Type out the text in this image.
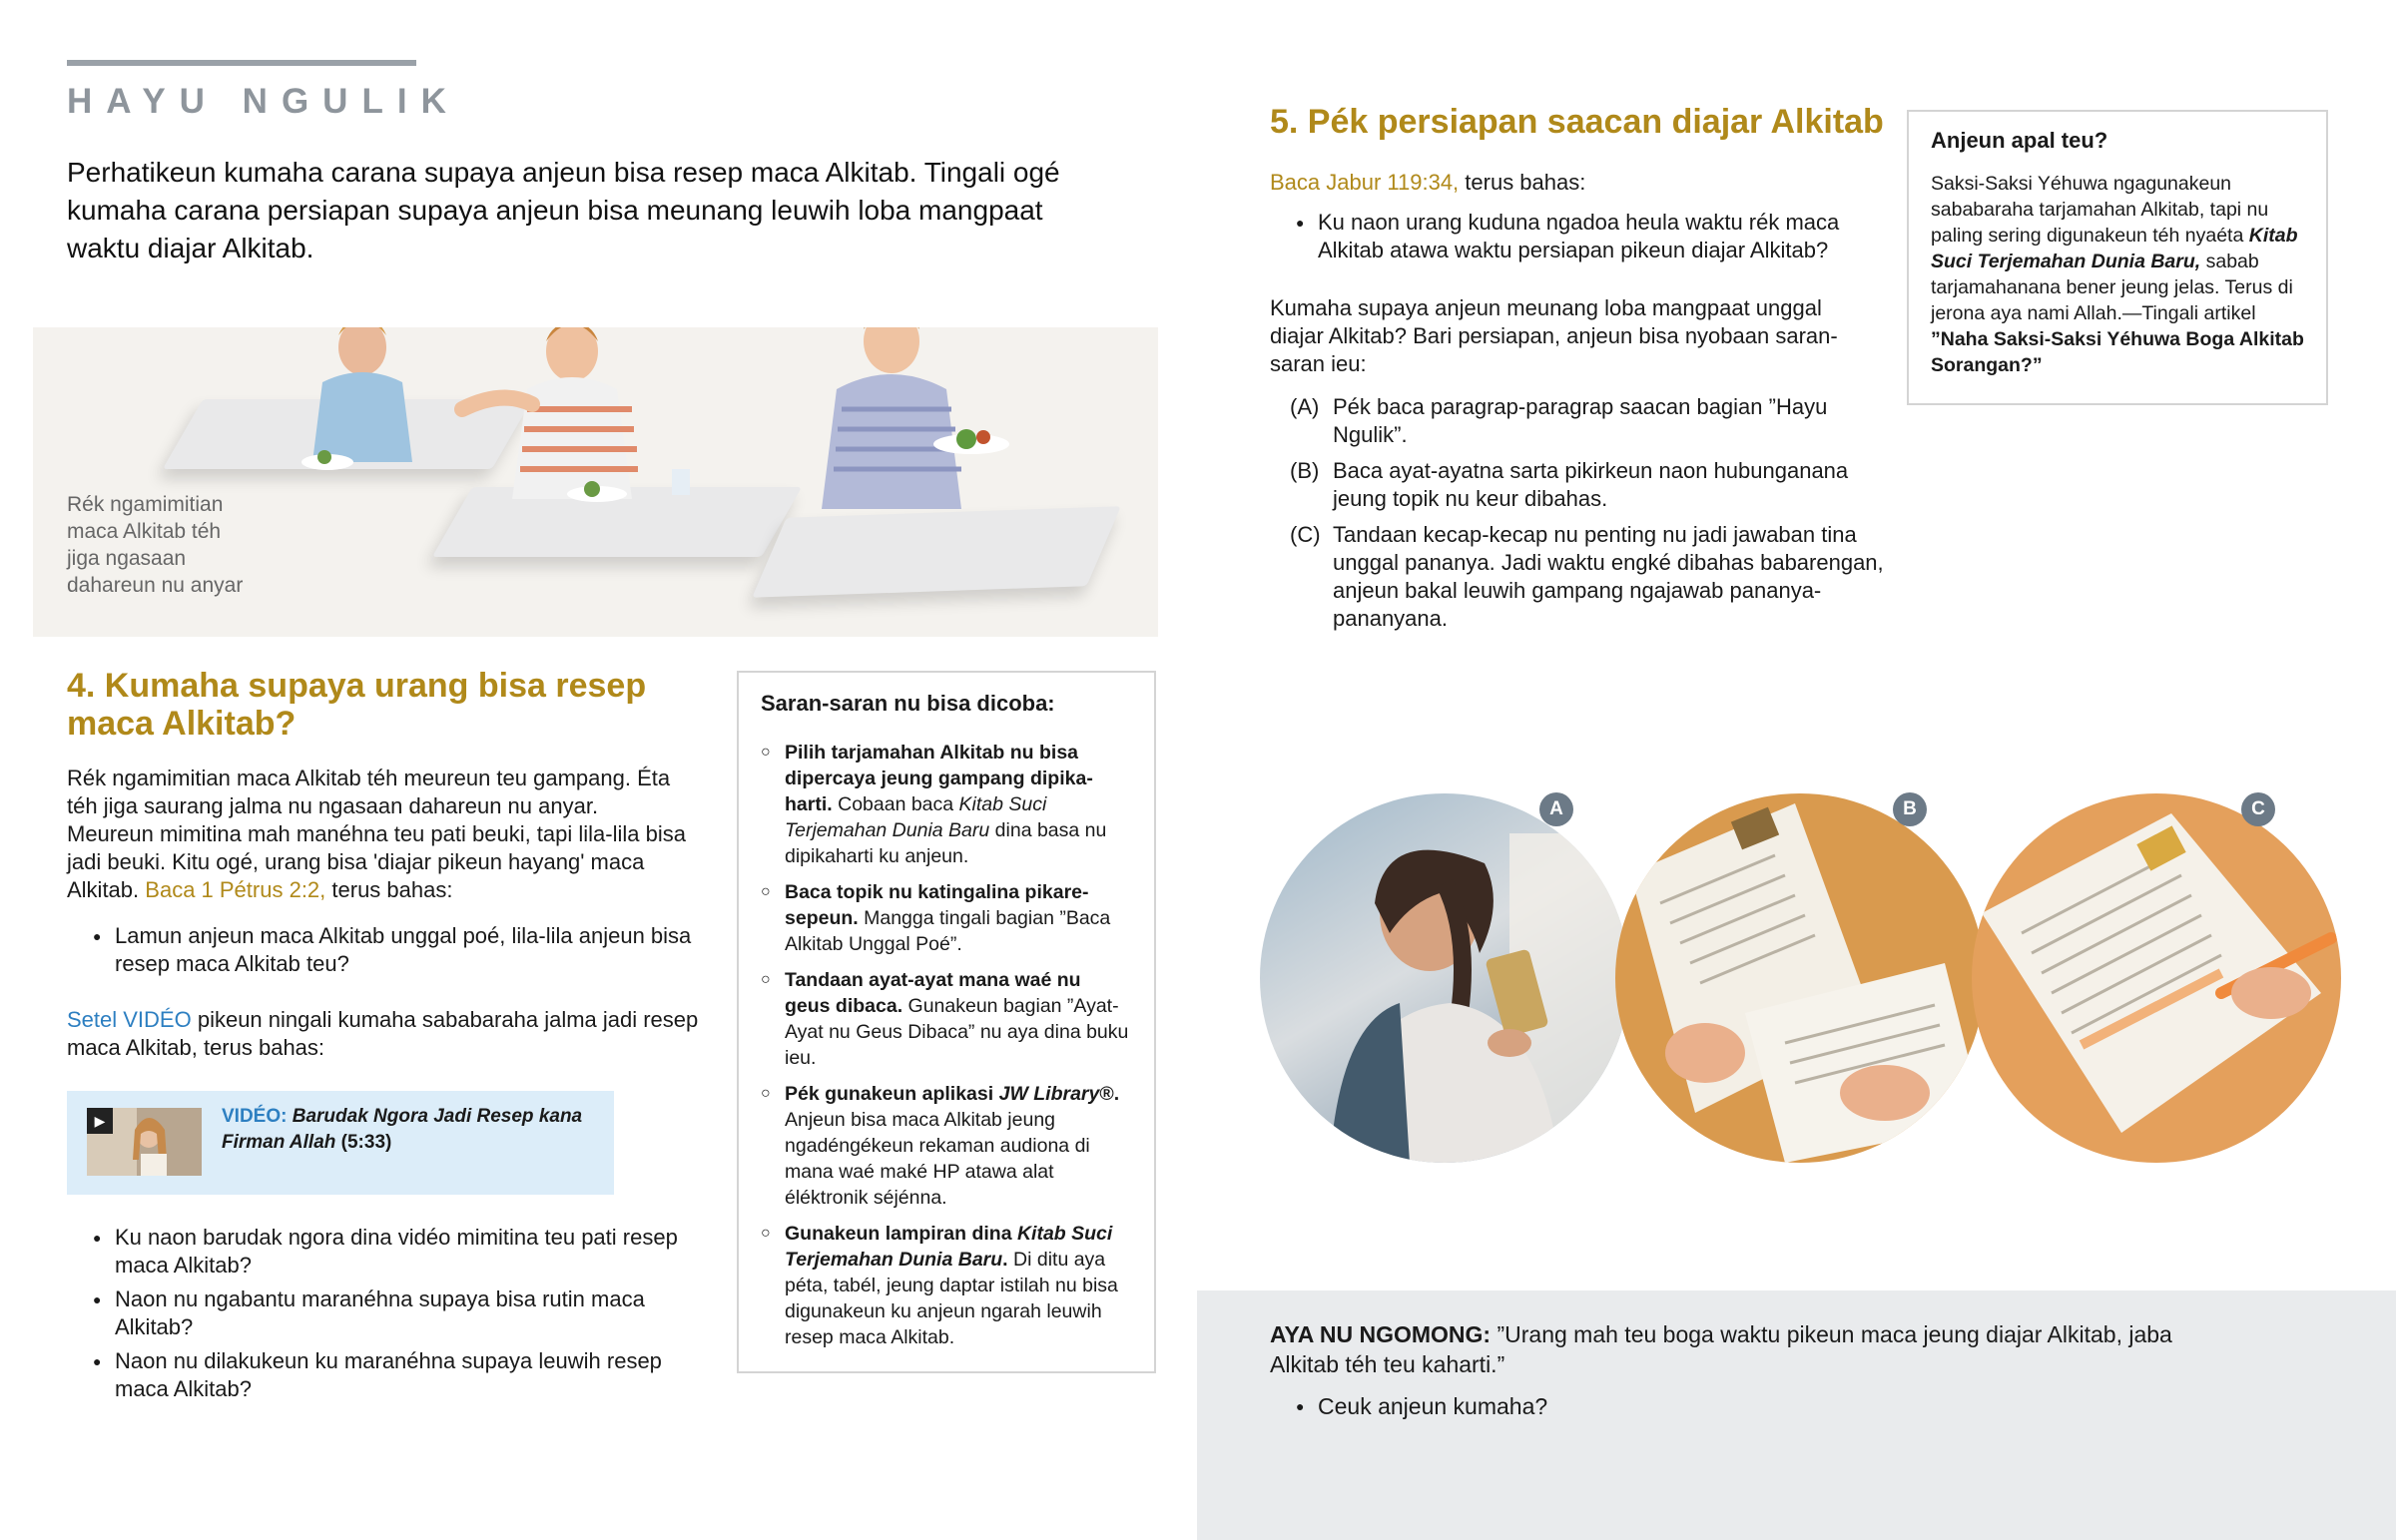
HAYU NGULIK
Perhatikeun kumaha carana supaya anjeun bisa resep maca Alkitab. Tingali ogé kumaha carana persiapan supaya anjeun bisa meunang leuwih loba mangpaat waktu diajar Alkitab.
Rék ngamimitian
maca Alkitab téh
jiga ngasaan
dahareun nu anyar
4. Kumaha supaya urang bisa resep maca Alkitab?
Rék ngamimitian maca Alkitab téh meureun teu gampang. Éta téh jiga saurang jalma nu ngasaan dahareun nu anyar. Meureun mimitina mah manéhna teu pati beuki, tapi lila-lila bisa jadi beuki. Kitu ogé, urang bisa 'diajar pikeun hayang' maca Alkitab. Baca 1 Pétrus 2:2, terus bahas:
● Lamun anjeun maca Alkitab unggal poé, lila-lila anjeun bisa resep maca Alkitab teu?
Setel VIDÉO pikeun ningali kumaha sababaraha jalma jadi resep maca Alkitab, terus bahas:
▶	VIDÉO: Barudak Ngora Jadi Resep kana Firman Allah (5:33)
● Ku naon barudak ngora dina vidéo mimitina teu pati resep maca Alkitab?
● Naon nu ngabantu maranéhna supaya bisa rutin maca Alkitab?
● Naon nu dilakukeun ku maranéhna supaya leuwih resep maca Alkitab?
Saran-saran nu bisa dicoba:
○ Pilih tarjamahan Alkitab nu bisa dipercaya jeung gampang dipikaharti. Cobaan baca Kitab Suci Terjemahan Dunia Baru dina basa nu dipikaharti ku anjeun.
○ Baca topik nu katingalina pikaresepeun. Mangga tingali bagian ”Baca Alkitab Unggal Poé”.
○ Tandaan ayat-ayat mana waé nu geus dibaca. Gunakeun bagian ”Ayat-Ayat nu Geus Dibaca” nu aya dina buku ieu.
○ Pék gunakeun aplikasi JW Library®. Anjeun bisa maca Alkitab jeung ngadéngékeun rekaman audiona di mana waé maké HP atawa alat éléktronik séjénna.
○ Gunakeun lampiran dina Kitab Suci Terjemahan Dunia Baru. Di ditu aya péta, tabél, jeung daptar istilah nu bisa digunakeun ku anjeun ngarah leuwih resep maca Alkitab.
5. Pék persiapan saacan diajar Alkitab
Baca Jabur 119:34, terus bahas:
● Ku naon urang kuduna ngadoa heula waktu rék maca Alkitab atawa waktu persiapan pikeun diajar Alkitab?
Kumaha supaya anjeun meunang loba mangpaat unggal diajar Alkitab? Bari persiapan, anjeun bisa nyobaan saran-saran ieu:
(A) Pék baca paragrap-paragrap saacan bagian ”Hayu Ngulik”.
(B) Baca ayat-ayatna sarta pikirkeun naon hubunganana jeung topik nu keur dibahas.
(C) Tandaan kecap-kecap nu penting nu jadi jawaban tina unggal pananya. Jadi waktu engké dibahas babarengan, anjeun bakal leuwih gampang ngajawab pananya-pananyana.
Anjeun apal teu?
Saksi-Saksi Yéhuwa ngagunakeun sababaraha tarjamahan Alkitab, tapi nu paling sering digunakeun téh nyaéta Kitab Suci Terjemahan Dunia Baru, sabab tarjamahanana bener jeung jelas. Terus di jerona aya nami Allah.—Tingali artikel ”Naha Saksi-Saksi Yéhuwa Boga Alkitab Sorangan?”
A	B	C
AYA NU NGOMONG: ”Urang mah teu boga waktu pikeun maca jeung diajar Alkitab, jaba Alkitab téh teu kaharti.”
● Ceuk anjeun kumaha?
